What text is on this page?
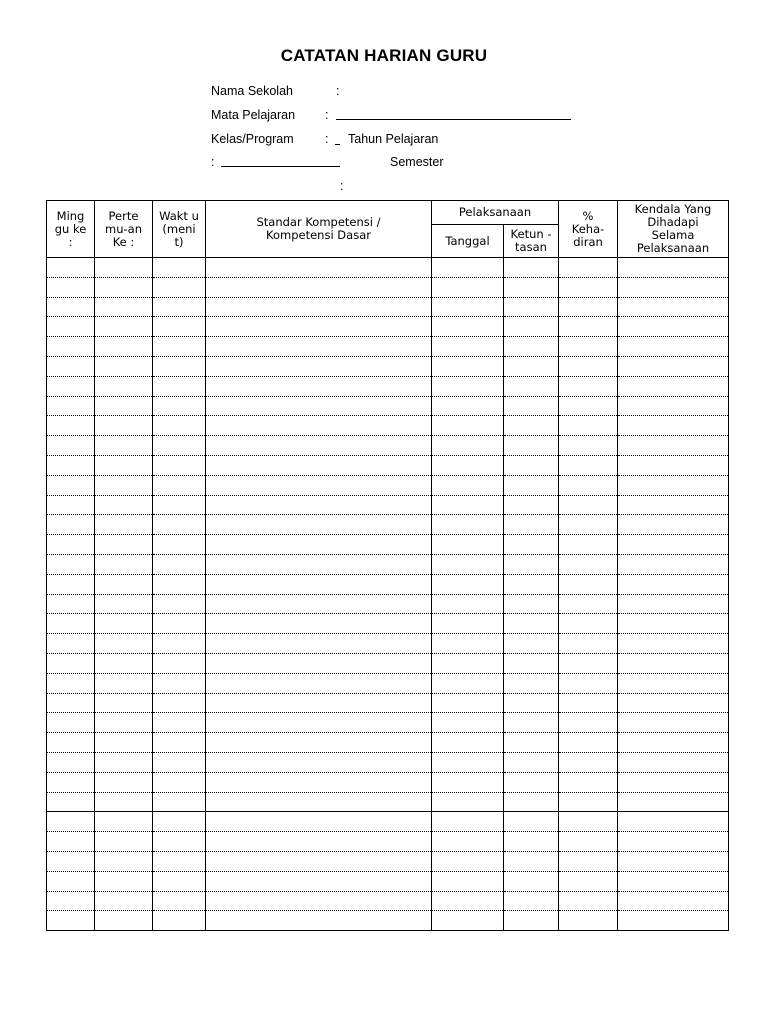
CATATAN HARIAN GURU
Nama Sekolah	:
Mata Pelajaran :
Kelas/Program	: Tahun Pelajaran
:	Semester
:
Ming gu ke :	Perte mu-an Ke :	Wakt u (meni t)	Standar Kompetensi / Kompetensi Dasar	Pelaksanaan		% Keha- diran	Kendala Yang Dihadapi Selama Pelaksanaan
				Tanggal	Ketun -tasan		
